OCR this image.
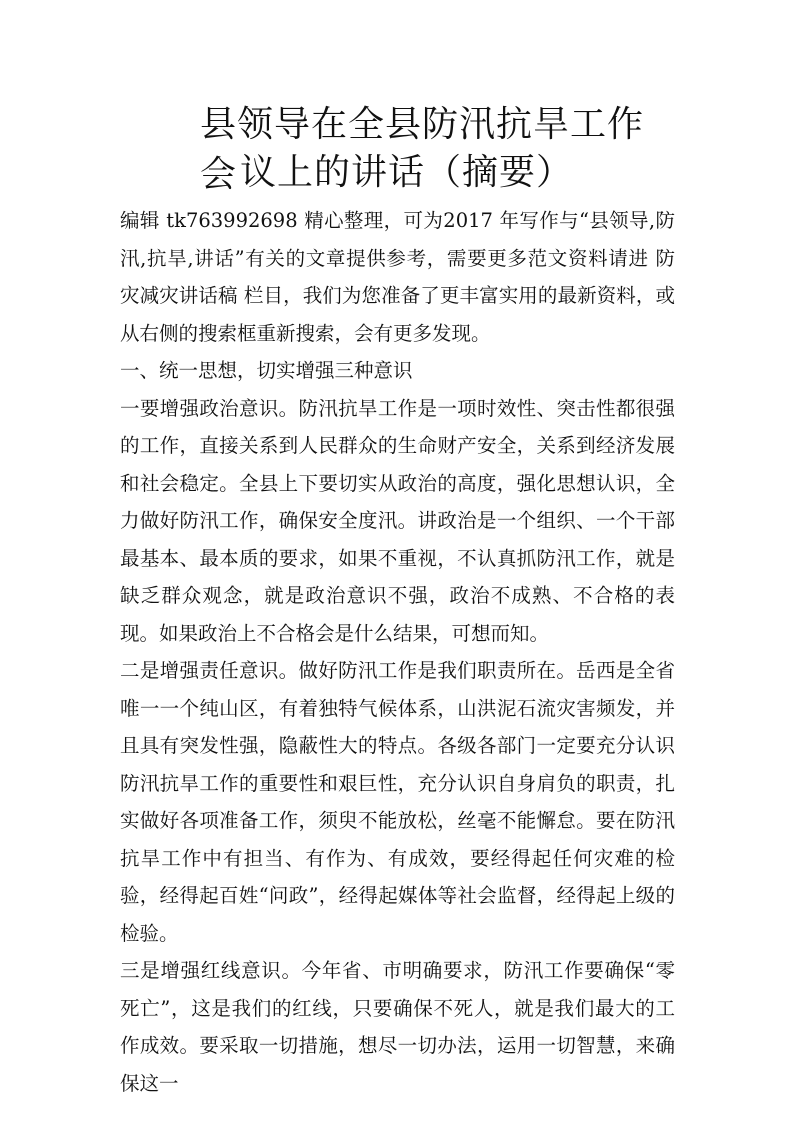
县领导在全县防汛抗旱工作会 议上的讲话（摘要）

编辑 tk763992698 精心整理，可为2017 年写作与“县领导,防汛,抗旱,讲话”有关的文章提供参考，需要更多范文资料请进 防灾减灾讲话稿 栏目，我们为您准备了更丰富实用的最新资料，或从右侧的搜索框重新搜索，会有更多发现。

一、统一思想，切实增强三种意识

一要增强政治意识。防汛抗旱工作是一项时效性、突击性都很强的工作，直接关系到人民群众的生命财产安全，关系到经济发展和社会稳定。全县上下要切实从政治的高度，强化思想认识，全力做好防汛工作，确保安全度汛。讲政治是一个组织、一个干部最基本、最本质的要求，如果不重视，不认真抓防汛工作，就是缺乏群众观念，就是政治意识不强，政治不成熟、不合格的表现。如果政治上不合格会是什么结果，可想而知。

二是增强责任意识。做好防汛工作是我们职责所在。岳西是全省唯一一个纯山区，有着独特气候体系，山洪泥石流灾害频发，并且具有突发性强，隐蔽性大的特点。各级各部门一定要充分认识防汛抗旱工作的重要性和艰巨性，充分认识自身肩负的职责，扎实做好各项准备工作，须臾不能放松，丝毫不能懈怠。要在防汛抗旱工作中有担当、有作为、有成效，要经得起任何灾难的检验，经得起百姓“问政”，经得起媒体等社会监督，经得起上级的检验。

三是增强红线意识。今年省、市明确要求，防汛工作要确保“零死亡”，这是我们的红线，只要确保不死人，就是我们最大的工作成效。要采取一切措施，想尽一切办法，运用一切智慧，来确保这一
